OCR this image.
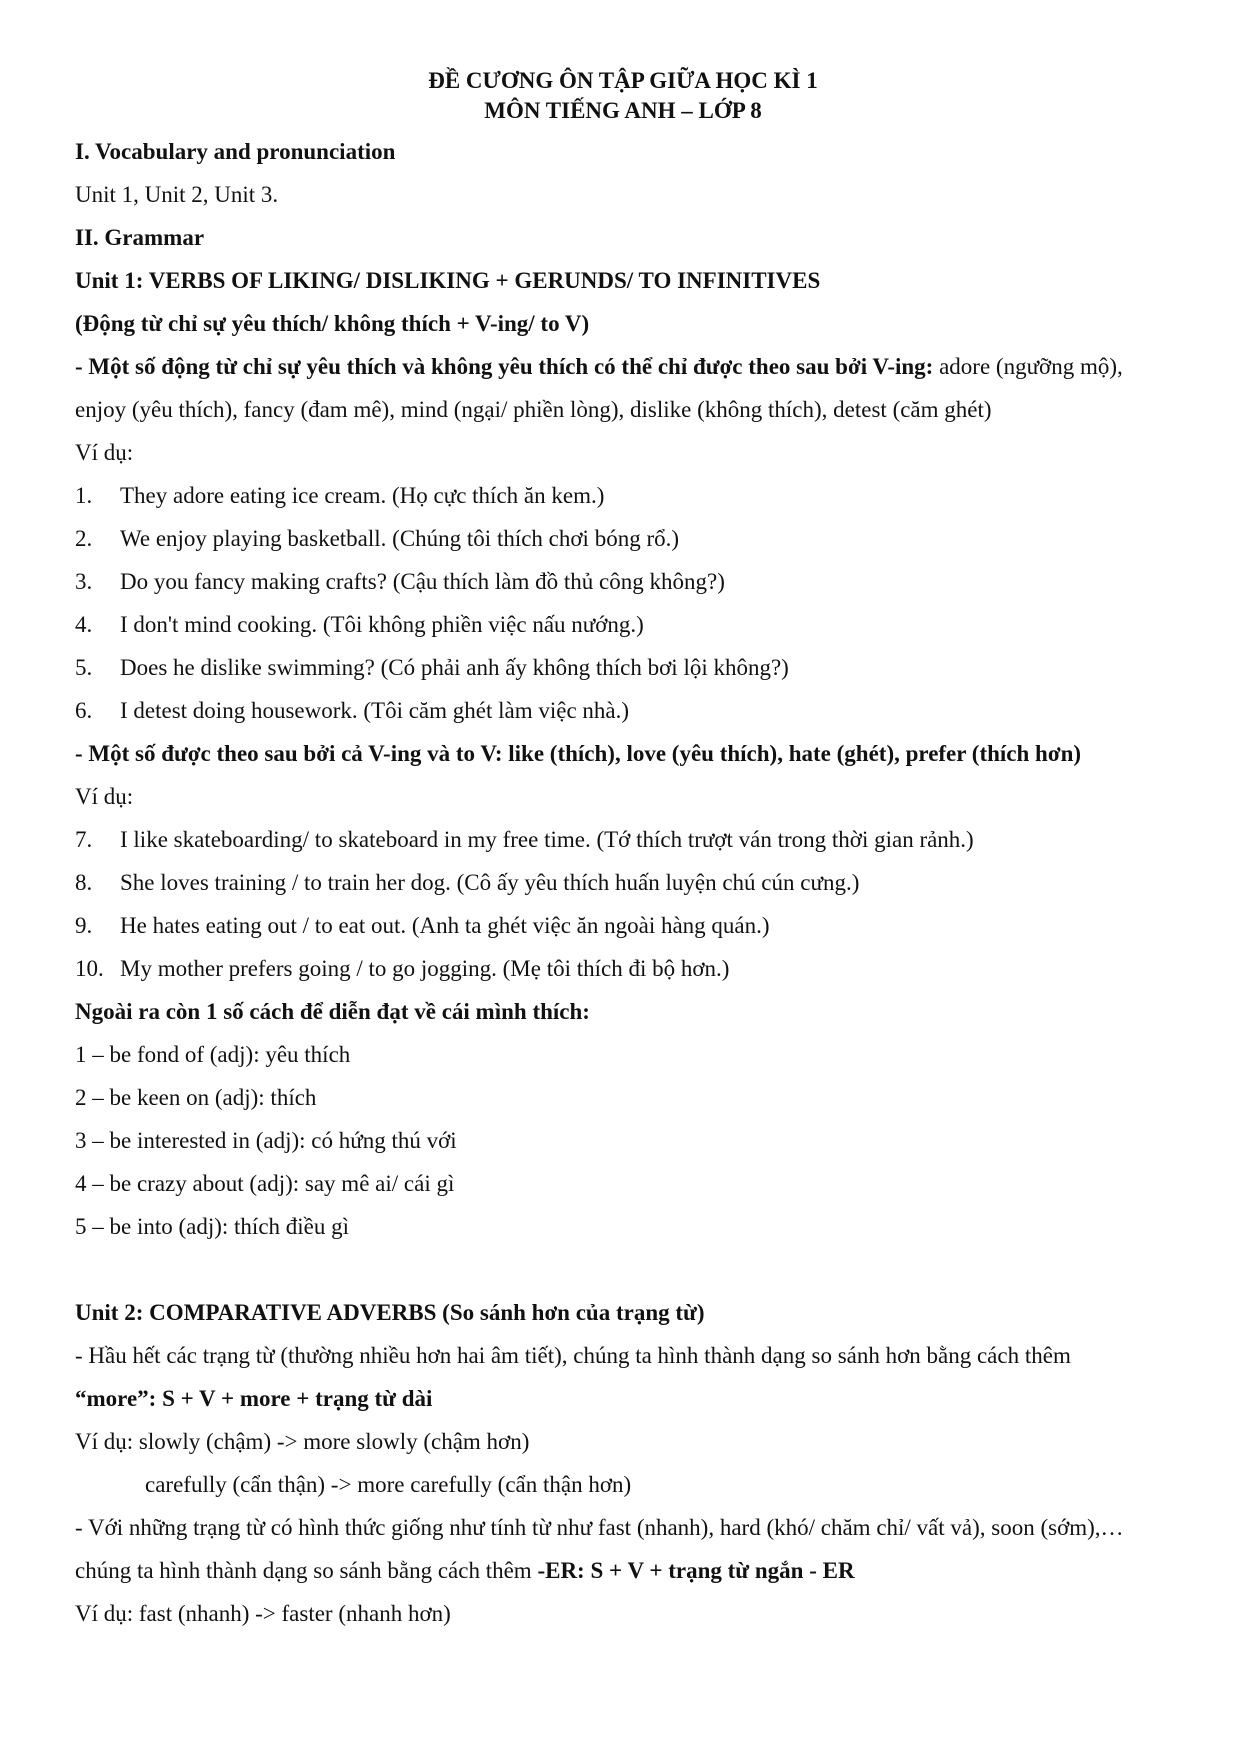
ĐỀ CƯƠNG ÔN TẬP GIỮA HỌC KÌ 1
MÔN TIẾNG ANH – LỚP 8

I. Vocabulary and pronunciation

Unit 1, Unit 2, Unit 3.

II. Grammar

Unit 1: VERBS OF LIKING/ DISLIKING + GERUNDS/ TO INFINITIVES

(Động từ chỉ sự yêu thích/ không thích + V-ing/ to V)

- Một số động từ chỉ sự yêu thích và không yêu thích có thể chỉ được theo sau bởi V-ing: adore (ngưỡng mộ), enjoy (yêu thích), fancy (đam mê), mind (ngại/ phiền lòng), dislike (không thích), detest (căm ghét)

Ví dụ:

1. They adore eating ice cream. (Họ cực thích ăn kem.)

2. We enjoy playing basketball. (Chúng tôi thích chơi bóng rổ.)

3. Do you fancy making crafts? (Cậu thích làm đồ thủ công không?)

4. I don't mind cooking. (Tôi không phiền việc nấu nướng.)

5. Does he dislike swimming? (Có phải anh ấy không thích bơi lội không?)

6. I detest doing housework. (Tôi căm ghét làm việc nhà.)

- Một số được theo sau bởi cả V-ing và to V: like (thích), love (yêu thích), hate (ghét), prefer (thích hơn)

Ví dụ:

7. I like skateboarding/ to skateboard in my free time. (Tớ thích trượt ván trong thời gian rảnh.)

8. She loves training / to train her dog. (Cô ấy yêu thích huấn luyện chú cún cưng.)

9. He hates eating out / to eat out. (Anh ta ghét việc ăn ngoài hàng quán.)

10. My mother prefers going / to go jogging. (Mẹ tôi thích đi bộ hơn.)

Ngoài ra còn 1 số cách để diễn đạt về cái mình thích:

1 – be fond of (adj): yêu thích

2 – be keen on (adj): thích

3 – be interested in (adj): có hứng thú với

4 – be crazy about (adj): say mê ai/ cái gì

5 – be into (adj): thích điều gì

Unit 2: COMPARATIVE ADVERBS (So sánh hơn của trạng từ)

- Hầu hết các trạng từ (thường nhiều hơn hai âm tiết), chúng ta hình thành dạng so sánh hơn bằng cách thêm

“more”: S + V + more + trạng từ dài

Ví dụ: slowly (chậm) -> more slowly (chậm hơn)

carefully (cẩn thận) -> more carefully (cẩn thận hơn)

- Với những trạng từ có hình thức giống như tính từ như fast (nhanh), hard (khó/ chăm chỉ/ vất vả), soon (sớm),… chúng ta hình thành dạng so sánh bằng cách thêm -ER: S + V + trạng từ ngắn - ER

Ví dụ: fast (nhanh) -> faster (nhanh hơn)
